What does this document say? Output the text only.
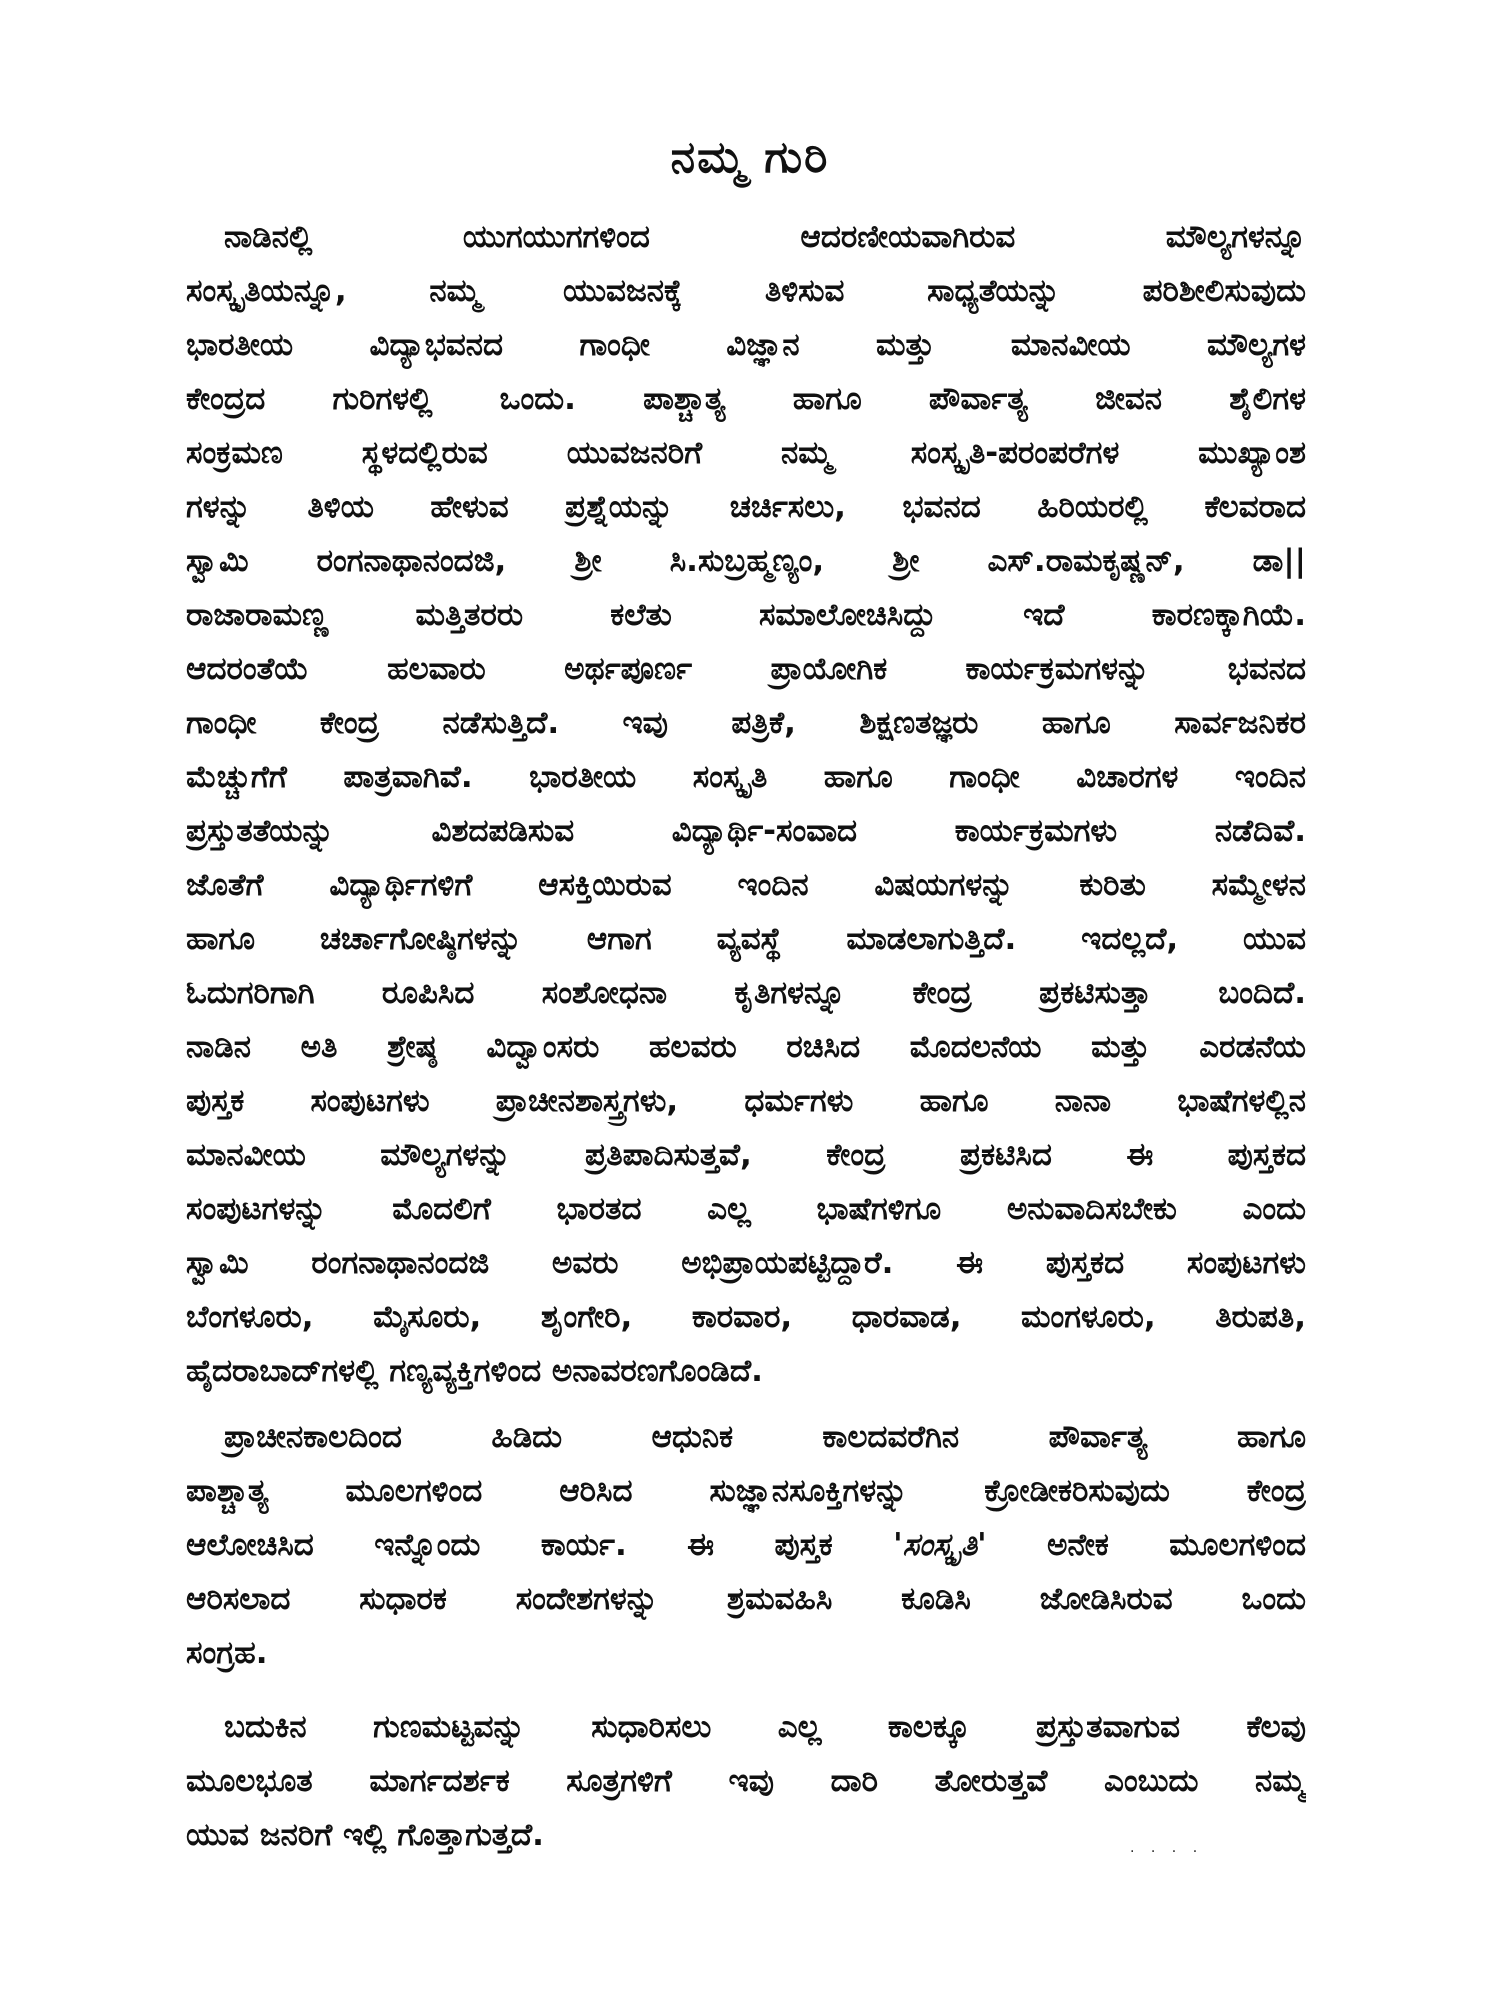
ನಮ್ಮ ಗುರಿ
ನಾಡಿನಲ್ಲಿ ಯುಗಯುಗಗಳಿಂದ ಆದರಣೀಯವಾಗಿರುವ ಮೌಲ್ಯಗಳನ್ನೂ
ಸಂಸ್ಕೃತಿಯನ್ನೂ, ನಮ್ಮ ಯುವಜನಕ್ಕೆ ತಿಳಿಸುವ ಸಾಧ್ಯತೆಯನ್ನು ಪರಿಶೀಲಿಸುವುದು
ಭಾರತೀಯ ವಿದ್ಯಾಭವನದ ಗಾಂಧೀ ವಿಜ್ಞಾನ ಮತ್ತು ಮಾನವೀಯ ಮೌಲ್ಯಗಳ
ಕೇಂದ್ರದ ಗುರಿಗಳಲ್ಲಿ ಒಂದು. ಪಾಶ್ಚಾತ್ಯ ಹಾಗೂ ಪೌರ್ವಾತ್ಯ ಜೀವನ ಶೈಲಿಗಳ
ಸಂಕ್ರಮಣ ಸ್ಥಳದಲ್ಲಿರುವ ಯುವಜನರಿಗೆ ನಮ್ಮ ಸಂಸ್ಕೃತಿ-ಪರಂಪರೆಗಳ ಮುಖ್ಯಾಂಶ
ಗಳನ್ನು ತಿಳಿಯ ಹೇಳುವ ಪ್ರಶ್ನೆಯನ್ನು ಚರ್ಚಿಸಲು, ಭವನದ ಹಿರಿಯರಲ್ಲಿ ಕೆಲವರಾದ
ಸ್ವಾಮಿ ರಂಗನಾಥಾನಂದಜಿ, ಶ್ರೀ ಸಿ.ಸುಬ್ರಹ್ಮಣ್ಯಂ, ಶ್ರೀ ಎಸ್.ರಾಮಕೃಷ್ಣನ್, ಡಾ||
ರಾಜಾರಾಮಣ್ಣ ಮತ್ತಿತರರು ಕಲೆತು ಸಮಾಲೋಚಿಸಿದ್ದು ಇದೆ ಕಾರಣಕ್ಕಾಗಿಯೆ.
ಆದರಂತೆಯೆ ಹಲವಾರು ಅರ್ಥಪೂರ್ಣ ಪ್ರಾಯೋಗಿಕ ಕಾರ್ಯಕ್ರಮಗಳನ್ನು ಭವನದ
ಗಾಂಧೀ ಕೇಂದ್ರ ನಡೆಸುತ್ತಿದೆ. ಇವು ಪತ್ರಿಕೆ, ಶಿಕ್ಷಣತಜ್ಞರು ಹಾಗೂ ಸಾರ್ವಜನಿಕರ
ಮೆಚ್ಚುಗೆಗೆ ಪಾತ್ರವಾಗಿವೆ. ಭಾರತೀಯ ಸಂಸ್ಕೃತಿ ಹಾಗೂ ಗಾಂಧೀ ವಿಚಾರಗಳ ಇಂದಿನ
ಪ್ರಸ್ತುತತೆಯನ್ನು ವಿಶದಪಡಿಸುವ ವಿದ್ಯಾರ್ಥಿ-ಸಂವಾದ ಕಾರ್ಯಕ್ರಮಗಳು ನಡೆದಿವೆ.
ಜೊತೆಗೆ ವಿದ್ಯಾರ್ಥಿಗಳಿಗೆ ಆಸಕ್ತಿಯಿರುವ ಇಂದಿನ ವಿಷಯಗಳನ್ನು ಕುರಿತು ಸಮ್ಮೇಳನ
ಹಾಗೂ ಚರ್ಚಾಗೋಷ್ಠಿಗಳನ್ನು ಆಗಾಗ ವ್ಯವಸ್ಥೆ ಮಾಡಲಾಗುತ್ತಿದೆ. ಇದಲ್ಲದೆ, ಯುವ
ಓದುಗರಿಗಾಗಿ ರೂಪಿಸಿದ ಸಂಶೋಧನಾ ಕೃತಿಗಳನ್ನೂ ಕೇಂದ್ರ ಪ್ರಕಟಿಸುತ್ತಾ ಬಂದಿದೆ.
ನಾಡಿನ ಅತಿ ಶ್ರೇಷ್ಠ ವಿದ್ವಾಂಸರು ಹಲವರು ರಚಿಸಿದ ಮೊದಲನೆಯ ಮತ್ತು ಎರಡನೆಯ
ಪುಸ್ತಕ ಸಂಪುಟಗಳು ಪ್ರಾಚೀನಶಾಸ್ತ್ರಗಳು, ಧರ್ಮಗಳು ಹಾಗೂ ನಾನಾ ಭಾಷೆಗಳಲ್ಲಿನ
ಮಾನವೀಯ ಮೌಲ್ಯಗಳನ್ನು ಪ್ರತಿಪಾದಿಸುತ್ತವೆ, ಕೇಂದ್ರ ಪ್ರಕಟಿಸಿದ ಈ ಪುಸ್ತಕದ
ಸಂಪುಟಗಳನ್ನು ಮೊದಲಿಗೆ ಭಾರತದ ಎಲ್ಲ ಭಾಷೆಗಳಿಗೂ ಅನುವಾದಿಸಬೇಕು ಎಂದು
ಸ್ವಾಮಿ ರಂಗನಾಥಾನಂದಜಿ ಅವರು ಅಭಿಪ್ರಾಯಪಟ್ಟಿದ್ದಾರೆ. ಈ ಪುಸ್ತಕದ ಸಂಪುಟಗಳು
ಬೆಂಗಳೂರು, ಮೈಸೂರು, ಶೃಂಗೇರಿ, ಕಾರವಾರ, ಧಾರವಾಡ, ಮಂಗಳೂರು, ತಿರುಪತಿ,
ಹೈದರಾಬಾದ್‌ಗಳಲ್ಲಿ ಗಣ್ಯವ್ಯಕ್ತಿಗಳಿಂದ ಅನಾವರಣಗೊಂಡಿದೆ.
ಪ್ರಾಚೀನಕಾಲದಿಂದ ಹಿಡಿದು ಆಧುನಿಕ ಕಾಲದವರೆಗಿನ ಪೌರ್ವಾತ್ಯ ಹಾಗೂ
ಪಾಶ್ಚಾತ್ಯ ಮೂಲಗಳಿಂದ ಆರಿಸಿದ ಸುಜ್ಞಾನಸೂಕ್ತಿಗಳನ್ನು ಕ್ರೋಡೀಕರಿಸುವುದು ಕೇಂದ್ರ
ಆಲೋಚಿಸಿದ ಇನ್ನೊಂದು ಕಾರ್ಯ. ಈ ಪುಸ್ತಕ 'ಸಂಸ್ಕೃತಿ' ಅನೇಕ ಮೂಲಗಳಿಂದ
ಆರಿಸಲಾದ ಸುಧಾರಕ ಸಂದೇಶಗಳನ್ನು ಶ್ರಮವಹಿಸಿ ಕೂಡಿಸಿ ಜೋಡಿಸಿರುವ ಒಂದು
ಸಂಗ್ರಹ.
ಬದುಕಿನ ಗುಣಮಟ್ಟವನ್ನು ಸುಧಾರಿಸಲು ಎಲ್ಲ ಕಾಲಕ್ಕೂ ಪ್ರಸ್ತುತವಾಗುವ ಕೆಲವು
ಮೂಲಭೂತ ಮಾರ್ಗದರ್ಶಕ ಸೂತ್ರಗಳಿಗೆ ಇವು ದಾರಿ ತೋರುತ್ತವೆ ಎಂಬುದು ನಮ್ಮ
ಯುವ ಜನರಿಗೆ ಇಲ್ಲಿ ಗೊತ್ತಾಗುತ್ತದೆ.	. . . .
